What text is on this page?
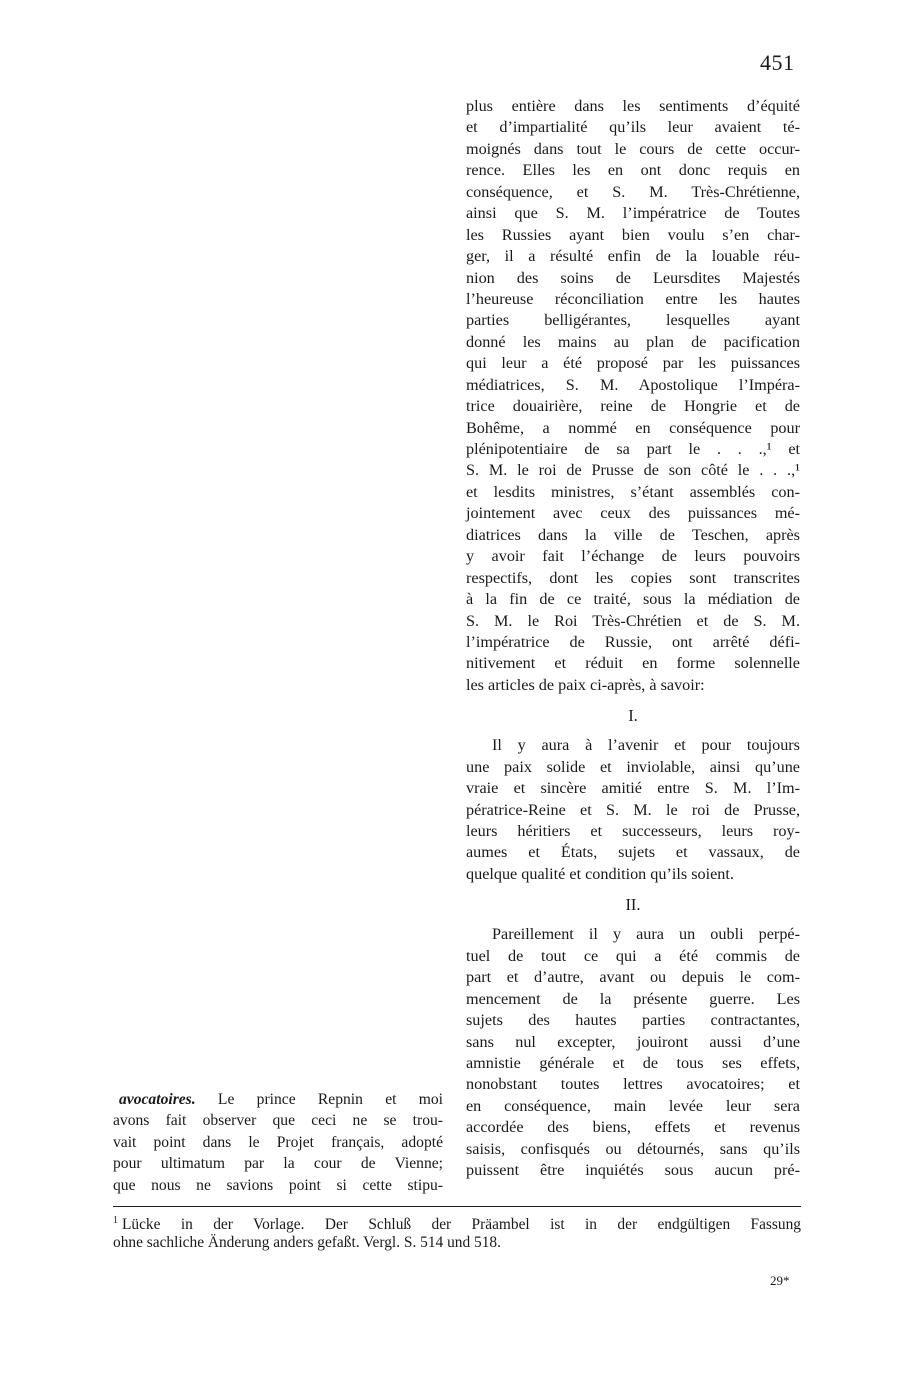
451
plus entière dans les sentiments d’équité
et d’impartialité qu’ils leur avaient té-
moignés dans tout le cours de cette occur-
rence. Elles les en ont donc requis en
conséquence, et S. M. Très-Chrétienne,
ainsi que S. M. l’impératrice de Toutes
les Russies ayant bien voulu s’en char-
ger, il a résulté enfin de la louable réu-
nion des soins de Leursdites Majestés
l’heureuse réconciliation entre les hautes
parties belligérantes, lesquelles ayant
donné les mains au plan de pacification
qui leur a été proposé par les puissances
médiatrices, S. M. Apostolique l’Impéra-
trice douairière, reine de Hongrie et de
Bohême, a nommé en conséquence pour
plénipotentiaire de sa part le . . .,¹ et
S. M. le roi de Prusse de son côté le . . .,¹
et lesdits ministres, s’étant assemblés con-
jointement avec ceux des puissances mé-
diatrices dans la ville de Teschen, après
y avoir fait l’échange de leurs pouvoirs
respectifs, dont les copies sont transcrites
à la fin de ce traité, sous la médiation de
S. M. le Roi Très-Chrétien et de S. M.
l’impératrice de Russie, ont arrêté défi-
nitivement et réduit en forme solennelle
les articles de paix ci-après, à savoir:
I.
Il y aura à l’avenir et pour toujours
une paix solide et inviolable, ainsi qu’une
vraie et sincère amitié entre S. M. l’Im-
pératrice-Reine et S. M. le roi de Prusse,
leurs héritiers et successeurs, leurs roy-
aumes et États, sujets et vassaux, de
quelque qualité et condition qu’ils soient.
II.
Pareillement il y aura un oubli perpé-
tuel de tout ce qui a été commis de
part et d’autre, avant ou depuis le com-
mencement de la présente guerre. Les
sujets des hautes parties contractantes,
sans nul excepter, jouiront aussi d’une
amnistie générale et de tous ses effets,
nonobstant toutes lettres avocatoires; et
en conséquence, main levée leur sera
accordée des biens, effets et revenus
saisis, confisqués ou détournés, sans qu’ils
puissent être inquiétés sous aucun pré-
avocatoires. Le prince Repnin et moi
avons fait observer que ceci ne se trou-
vait point dans le Projet français, adopté
pour ultimatum par la cour de Vienne;
que nous ne savions point si cette stipu-
$^1$ Lücke in der Vorlage. Der Schluß der Präambel ist in der endgültigen Fassung
ohne sachliche Änderung anders gefaßt. Vergl. S. 514 und 518.
29*
